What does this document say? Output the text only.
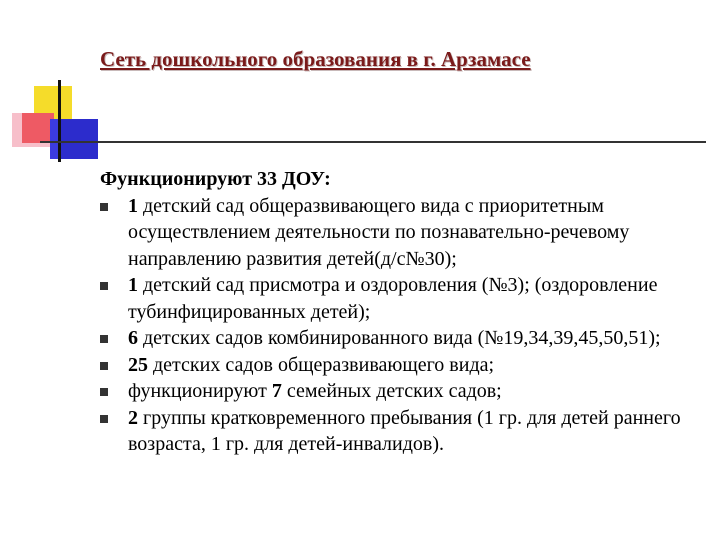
Сеть дошкольного образования в г. Арзамасе

Функционируют 33 ДОУ:

1 детский сад общеразвивающего вида с приоритетным осуществлением деятельности по познавательно-речевому направлению развития детей(д/с№30);
1 детский сад присмотра и оздоровления (№3); (оздоровление тубинфицированных детей);
6 детских садов комбинированного вида (№19,34,39,45,50,51);
25 детских садов общеразвивающего вида;
функционируют 7 семейных детских садов;
2 группы кратковременного пребывания (1 гр. для детей раннего возраста, 1 гр. для детей-инвалидов).
